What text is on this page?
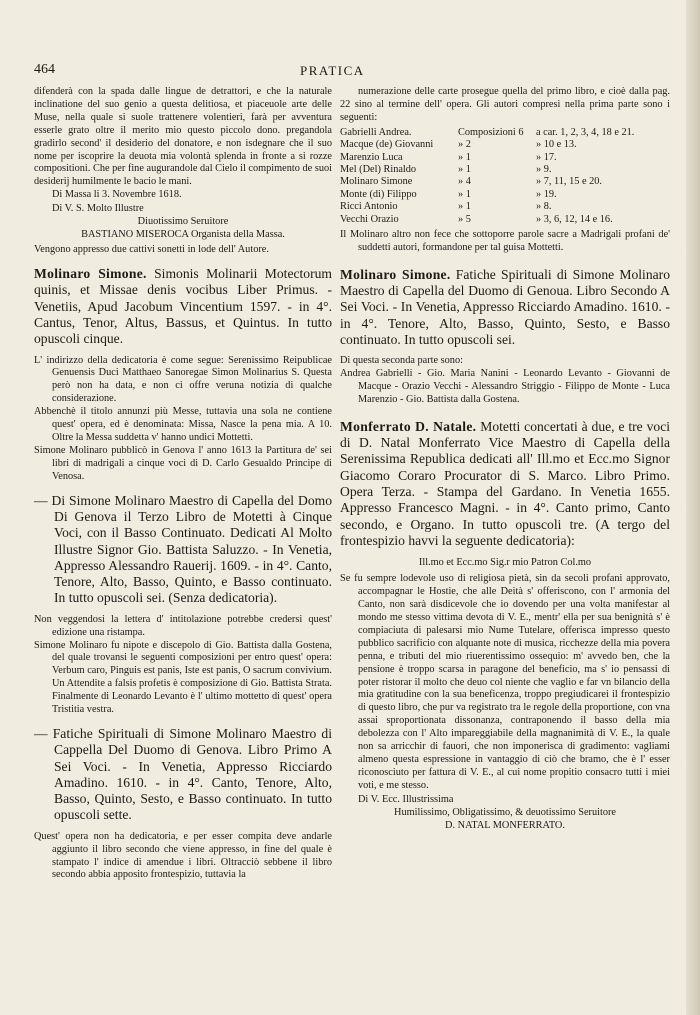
464	PRATICA

difenderà con la spada dalle lingue de detrattori, e che la naturale inclinatione del suo genio a questa delitiosa, et piaceuole arte delle Muse, nella quale si suole trattenere volentieri, farà per avventura esserle grato oltre il merito mio questo piccolo dono. pregandola gradirlo second' il desiderio del donatore, e non isdegnare che il suo nome per iscoprire la deuota mia volontà splenda in fronte a si rozze compositioni. Che per fine augurandole dal Cielo il compimento de suoi desiderij humilmente le bacio le mani.

Di Massa li 3. Novembre 1618.

Di V. S. Molto Illustre

Diuotissimo Seruitore

BASTIANO MISEROCA Organista della Massa.

Vengono appresso due cattivi sonetti in lode dell' Autore.

Molinaro Simone. Simonis Molinarii Motectorum quinis, et Missae denis vocibus Liber Primus. - Venetiis, Apud Jacobum Vincentium 1597. - in 4°. Cantus, Tenor, Altus, Bassus, et Quintus. In tutto opuscoli cinque.

L' indirizzo della dedicatoria è come segue: Serenissimo Reipublicae Genuensis Duci Matthaeo Sanoregae Simon Molinarius S. Questa però non ha data, e non ci offre veruna notizia di qualche considerazione.

Abbenchè il titolo annunzi più Messe, tuttavia una sola ne contiene quest' opera, ed è denominata: Missa, Nasce la pena mia. A 10. Oltre la Messa suddetta v' hanno undici Mottetti.

Simone Molinaro pubblicò in Genova l' anno 1613 la Partitura de' sei libri di madrigali a cinque voci di D. Carlo Gesualdo Principe di Venosa.

— Di Simone Molinaro Maestro di Capella del Domo Di Genova il Terzo Libro de Motetti à Cinque Voci, con il Basso Continuato. Dedicati Al Molto Illustre Signor Gio. Battista Saluzzo. - In Venetia, Appresso Alessandro Rauerij. 1609. - in 4°. Canto, Tenore, Alto, Basso, Quinto, e Basso continuato. In tutto opuscoli sei. (Senza dedicatoria).

Non veggendosi la lettera d' intitolazione potrebbe credersi quest' edizione una ristampa.

Simone Molinaro fu nipote e discepolo di Gio. Battista dalla Gostena, del quale trovansi le seguenti composizioni per entro quest' opera: Verbum caro, Pinguis est panis, Iste est panis, O sacrum convivium. Un Attendite a falsis profetis è composizione di Gio. Battista Strata. Finalmente di Leonardo Levanto è l' ultimo mottetto di quest' opera Tristitia vestra.

— Fatiche Spirituali di Simone Molinaro Maestro di Cappella Del Duomo di Genova. Libro Primo A Sei Voci. - In Venetia, Appresso Ricciardo Amadino. 1610. - in 4°. Canto, Tenore, Alto, Basso, Quinto, Sesto, e Basso continuato. In tutto opuscoli sette.

Quest' opera non ha dedicatoria, e per esser compita deve andarle aggiunto il libro secondo che viene appresso, in fine del quale è stampato l' indice di amendue i libri. Oltracciò sebbene il libro secondo abbia apposito frontespizio, tuttavia la

numerazione delle carte prosegue quella del primo libro, e cioè dalla pag. 22 sino al termine dell' opera. Gli autori compresi nella prima parte sono i seguenti:

Gabrielli Andrea.	Composizioni 6	a car. 1, 2, 3, 4, 18 e 21.
Macque (de) Giovanni	» 2	» 10 e 13.
Marenzio Luca	» 1	» 17.
Mel (Del) Rinaldo	» 1	» 9.
Molinaro Simone	» 4	» 7, 11, 15 e 20.
Monte (di) Filippo	» 1	» 19.
Ricci Antonio	» 1	» 8.
Vecchi Orazio	» 5	» 3, 6, 12, 14 e 16.

Il Molinaro altro non fece che sottoporre parole sacre a Madrigali profani de' suddetti autori, formandone per tal guisa Mottetti.

Molinaro Simone. Fatiche Spirituali di Simone Molinaro Maestro di Capella del Duomo di Genoua. Libro Secondo A Sei Voci. - In Venetia, Appresso Ricciardo Amadino. 1610. - in 4°. Tenore, Alto, Basso, Quinto, Sesto, e Basso continuato. In tutto opuscoli sei.

Di questa seconda parte sono:

Andrea Gabrielli - Gio. Maria Nanini - Leonardo Levanto - Giovanni de Macque - Orazio Vecchi - Alessandro Striggio - Filippo de Monte - Luca Marenzio - Gio. Battista dalla Gostena.

Monferrato D. Natale. Motetti concertati à due, e tre voci di D. Natal Monferrato Vice Maestro di Capella della Serenissima Republica dedicati all' Ill.mo et Ecc.mo Signor Giacomo Coraro Procurator di S. Marco. Libro Primo. Opera Terza. - Stampa del Gardano. In Venetia 1655. Appresso Francesco Magni. - in 4°. Canto primo, Canto secondo, e Organo. In tutto opuscoli tre. (A tergo del frontespizio havvi la seguente dedicatoria):

Ill.mo et Ecc.mo Sig.r mio Patron Col.mo

Se fu sempre lodevole uso di religiosa pietà, sin da secoli profani approvato, accompagnar le Hostie, che alle Deità s' offeriscono, con l' armonia del Canto, non sarà disdicevole che io dovendo per una volta manifestar al mondo me stesso vittima devota di V. E., mentr' ella per sua benignità s' è compiaciuta di palesarsi mio Nume Tutelare, offerisca impresso questo pubblico sacrificio con alquante note di musica, ricchezze della mia povera penna, e tributi del mio riuerentissimo ossequio: m' avvedo ben, che la pensione è troppo scarsa in paragone del beneficio, ma s' io pensassi di poter ristorar il molto che deuo col niente che vaglio e far vn bilancio della mia gratitudine con la sua beneficenza, troppo pregiudicarei il frontespizio di questo libro, che pur va registrato tra le regole della proportione, con vna assai sproportionata dissonanza, contraponendo il basso della mia debolezza con l' Alto impareggiabile della magnanimità di V. E., la quale non sa arricchir di fauori, che non imponerisca di gradimento: vagliami almeno questa espressione in vantaggio di ciò che bramo, che è l' esser riconosciuto per fattura di V. E., al cui nome propitio consacro tutti i miei voti, e me stesso.

Di V. Ecc. Illustrissima

Humilissimo, Obligatissimo, & deuotissimo Seruitore

D. NATAL MONFERRATO.
